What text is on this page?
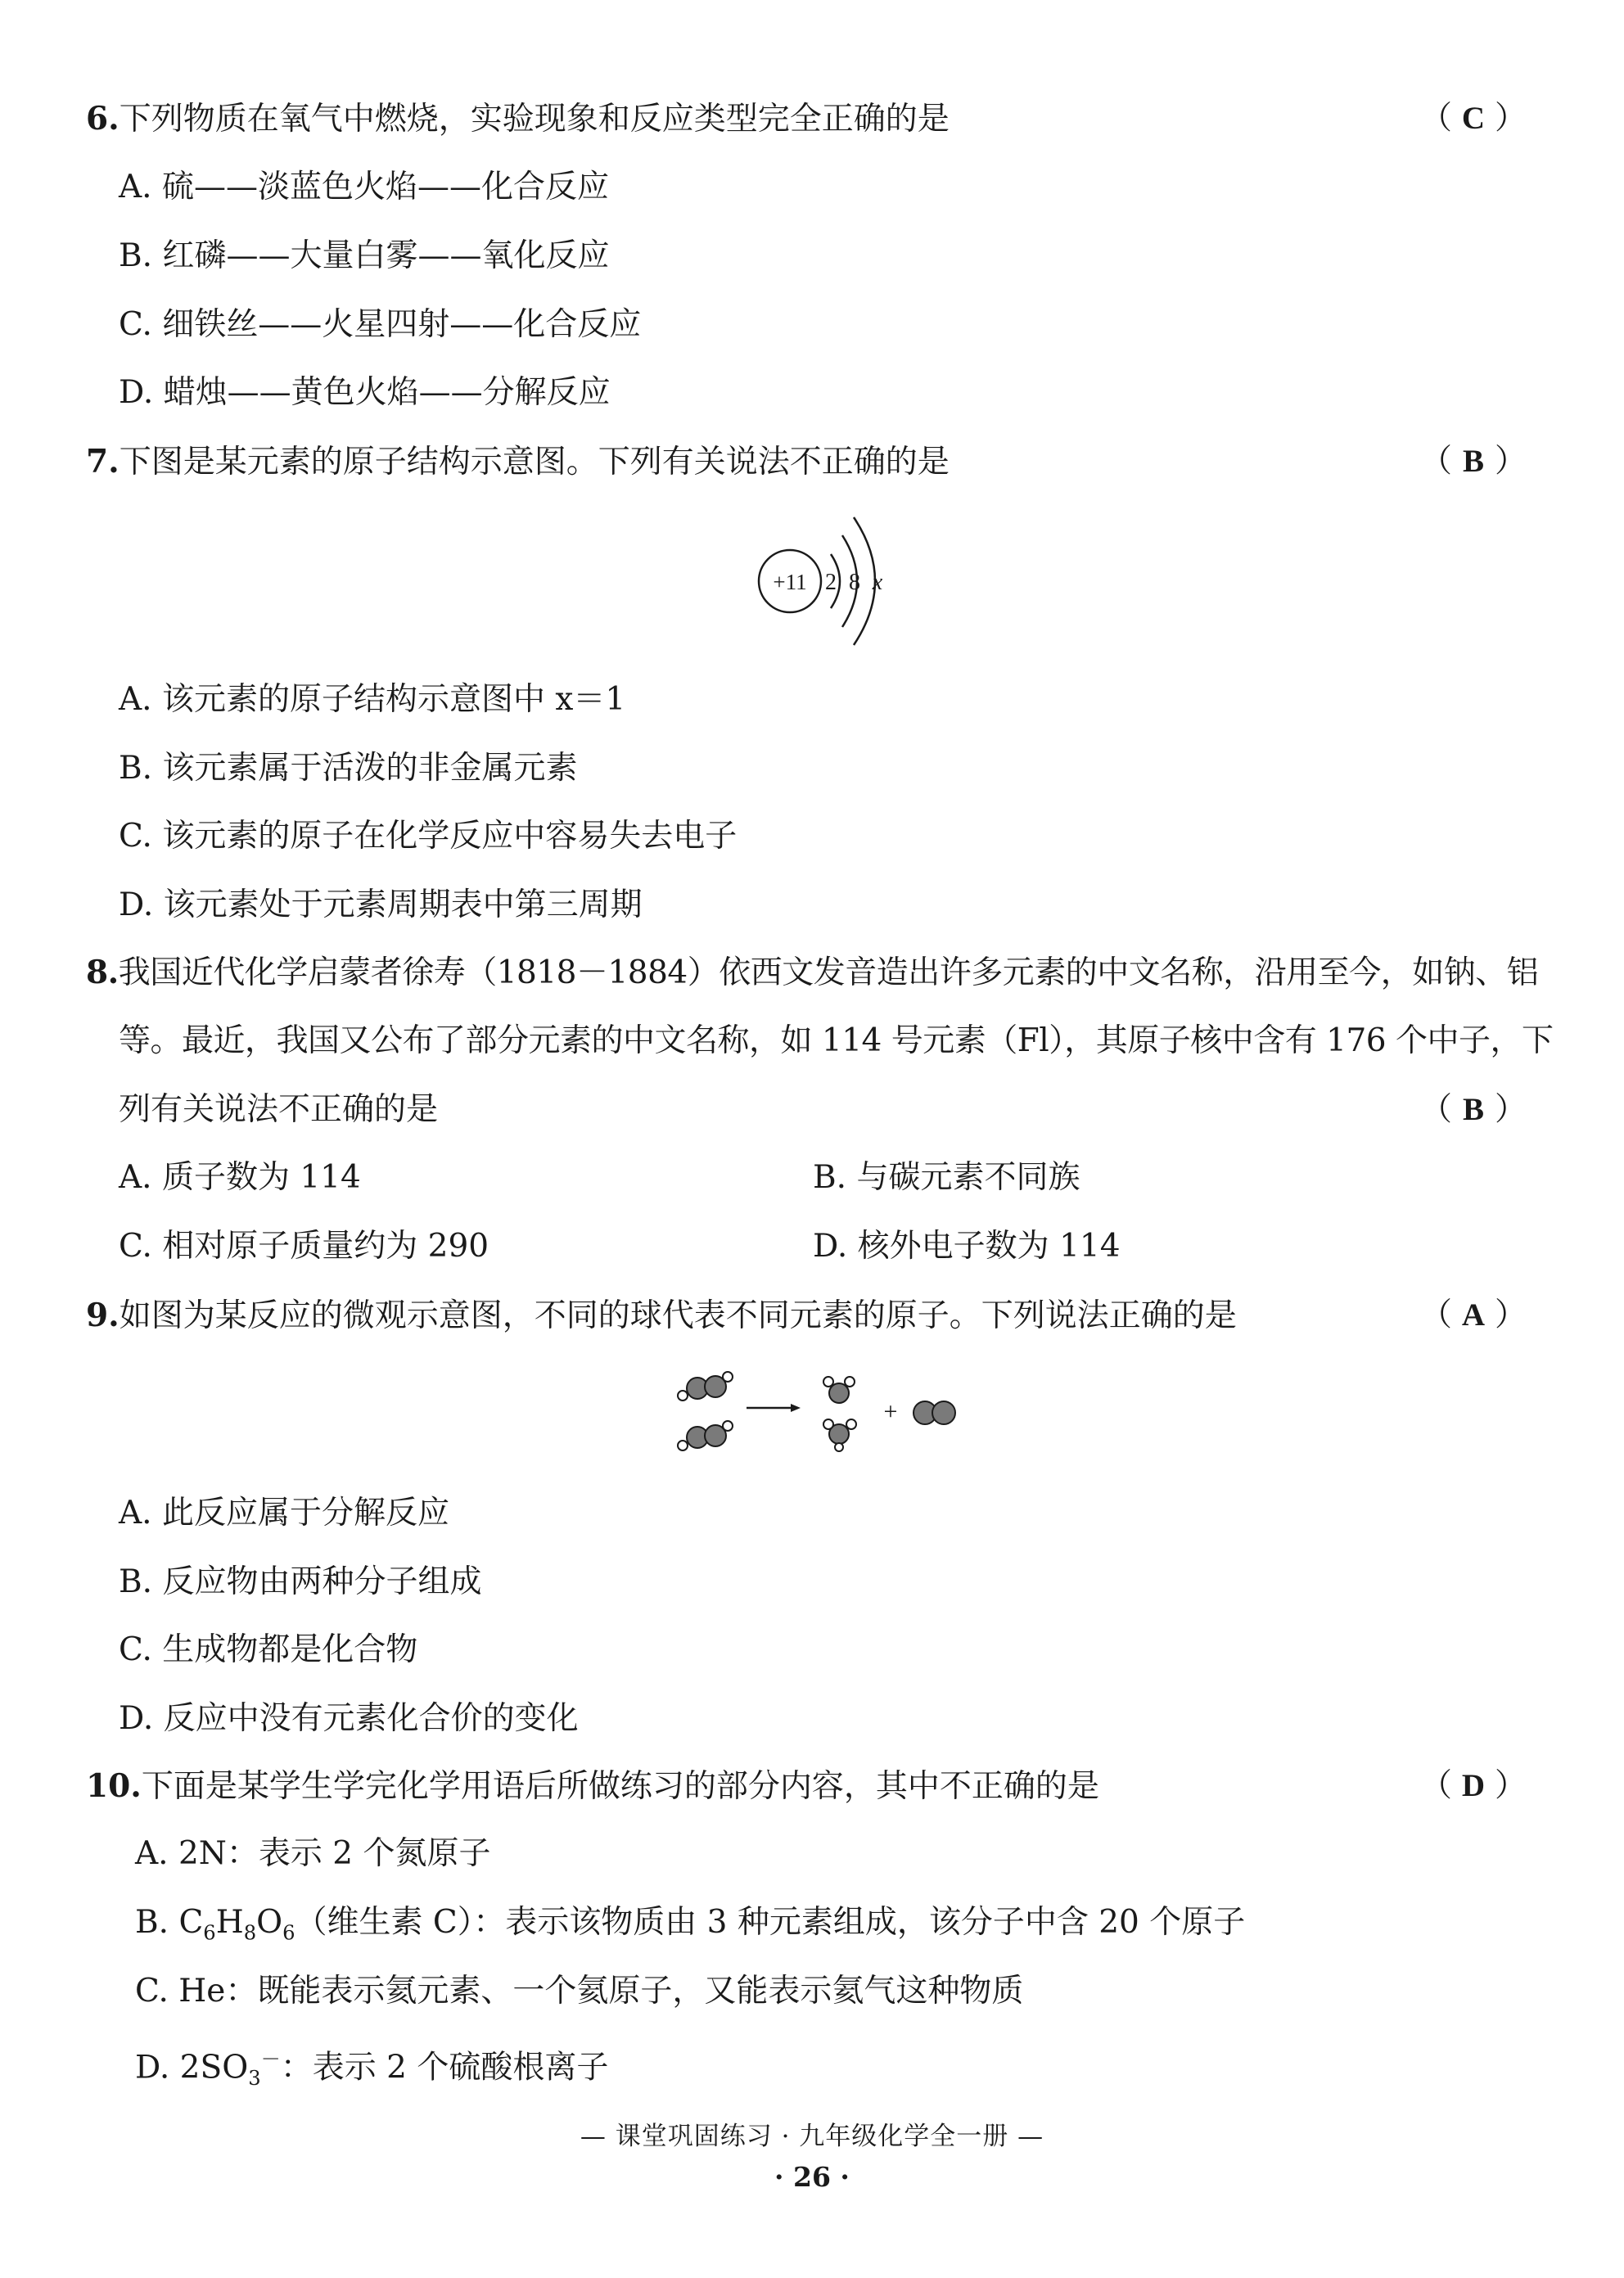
6.下列物质在氧气中燃烧，实验现象和反应类型完全正确的是	（ C ）
A. 硫——淡蓝色火焰——化合反应
B. 红磷——大量白雾——氧化反应
C. 细铁丝——火星四射——化合反应
D. 蜡烛——黄色火焰——分解反应
7.下图是某元素的原子结构示意图。下列有关说法不正确的是	（ B ）
+11 2 8 x
A. 该元素的原子结构示意图中 x＝1
B. 该元素属于活泼的非金属元素
C. 该元素的原子在化学反应中容易失去电子
D. 该元素处于元素周期表中第三周期
8.我国近代化学启蒙者徐寿（1818－1884）依西文发音造出许多元素的中文名称，沿用至今，如钠、铝
等。最近，我国又公布了部分元素的中文名称，如 114 号元素（Fl），其原子核中含有 176 个中子，下
列有关说法不正确的是	（ B ）
A. 质子数为 114	B. 与碳元素不同族
C. 相对原子质量约为 290	D. 核外电子数为 114
9.如图为某反应的微观示意图，不同的球代表不同元素的原子。下列说法正确的是	（ A ）
+
A. 此反应属于分解反应
B. 反应物由两种分子组成
C. 生成物都是化合物
D. 反应中没有元素化合价的变化
10.下面是某学生学完化学用语后所做练习的部分内容，其中不正确的是	（ D ）
A. 2N：表示 2 个氮原子
B. $C_6H_8O_6$（维生素 C）：表示该物质由 3 种元素组成，该分子中含 20 个原子
C. He：既能表示氦元素、一个氦原子，又能表示氦气这种物质
D. $2SO_3^-$：表示 2 个硫酸根离子
— 课堂巩固练习 · 九年级化学全一册 —
· 26 ·
